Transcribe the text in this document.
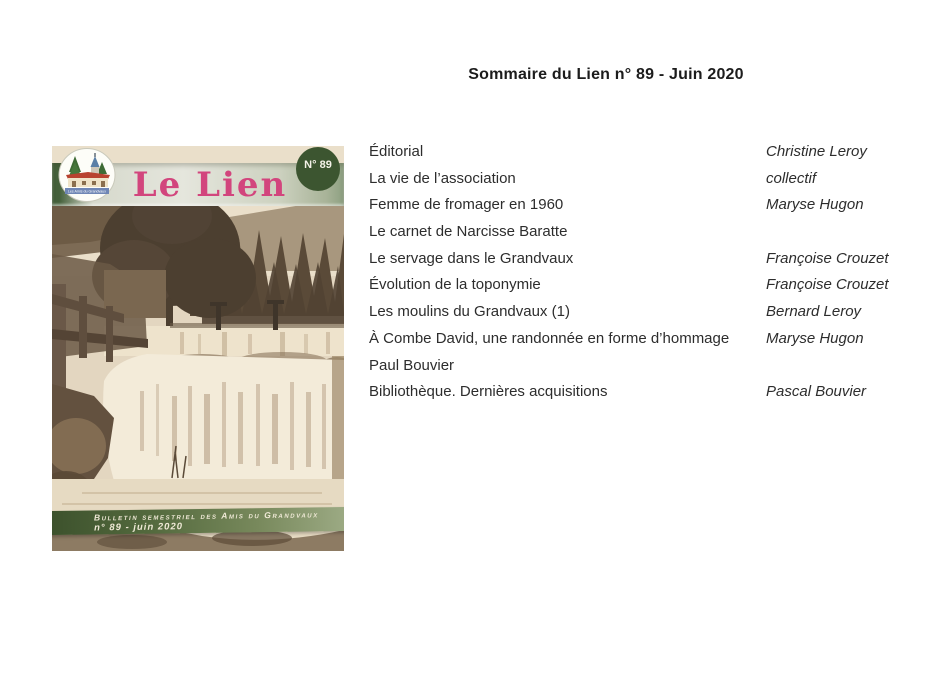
Sommaire du Lien n° 89 - Juin 2020
Le Lien
Les Amis du Grandvaux
N° 89
Bulletin semestriel des Amis du Grandvaux
n° 89 - juin 2020
Éditorial	Christine Leroy
La vie de l’association	collectif
Femme de fromager en 1960	Maryse Hugon
Le carnet de Narcisse Baratte
Le servage dans le Grandvaux	Françoise Crouzet
Évolution de la toponymie	Françoise Crouzet
Les moulins du Grandvaux (1)	Bernard Leroy
À Combe David, une randonnée en forme d’hommage	Maryse Hugon
Paul Bouvier
Bibliothèque. Dernières acquisitions	Pascal Bouvier
